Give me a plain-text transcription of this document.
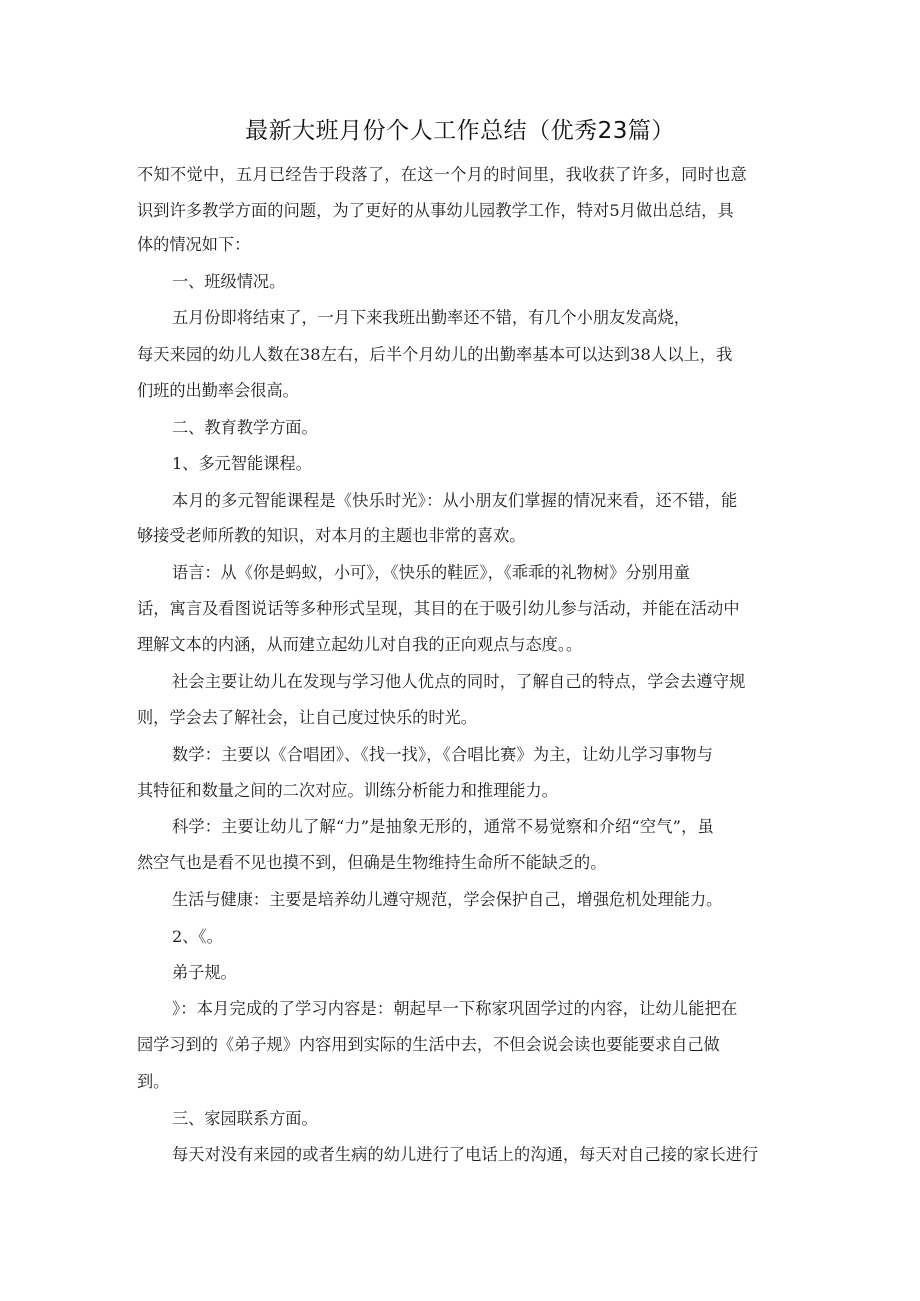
最新大班月份个人工作总结（优秀23篇）
不知不觉中，五月已经告于段落了，在这一个月的时间里，我收获了许多，同时也意
识到许多教学方面的问题，为了更好的从事幼儿园教学工作，特对5月做出总结，具
体的情况如下：
一、班级情况。
五月份即将结束了，一月下来我班出勤率还不错，有几个小朋友发高烧，
每天来园的幼儿人数在38左右，后半个月幼儿的出勤率基本可以达到38人以上，我
们班的出勤率会很高。
二、教育教学方面。
1、多元智能课程。
本月的多元智能课程是《快乐时光》：从小朋友们掌握的情况来看，还不错，能
够接受老师所教的知识，对本月的主题也非常的喜欢。
语言：从《你是蚂蚁，小可》，《快乐的鞋匠》，《乖乖的礼物树》分别用童
话，寓言及看图说话等多种形式呈现，其目的在于吸引幼儿参与活动，并能在活动中
理解文本的内涵，从而建立起幼儿对自我的正向观点与态度。。
社会主要让幼儿在发现与学习他人优点的同时，了解自己的特点，学会去遵守规
则，学会去了解社会，让自己度过快乐的时光。
数学：主要以《合唱团》、《找一找》，《合唱比赛》为主，让幼儿学习事物与
其特征和数量之间的二次对应。训练分析能力和推理能力。
科学：主要让幼儿了解“力”是抽象无形的，通常不易觉察和介绍“空气”，虽
然空气也是看不见也摸不到，但确是生物维持生命所不能缺乏的。
生活与健康：主要是培养幼儿遵守规范，学会保护自己，增强危机处理能力。
2、《。
弟子规。
》：本月完成的了学习内容是：朝起早一下称家巩固学过的内容，让幼儿能把在
园学习到的《弟子规》内容用到实际的生活中去，不但会说会读也要能要求自己做
到。
三、家园联系方面。
每天对没有来园的或者生病的幼儿进行了电话上的沟通，每天对自己接的家长进行
